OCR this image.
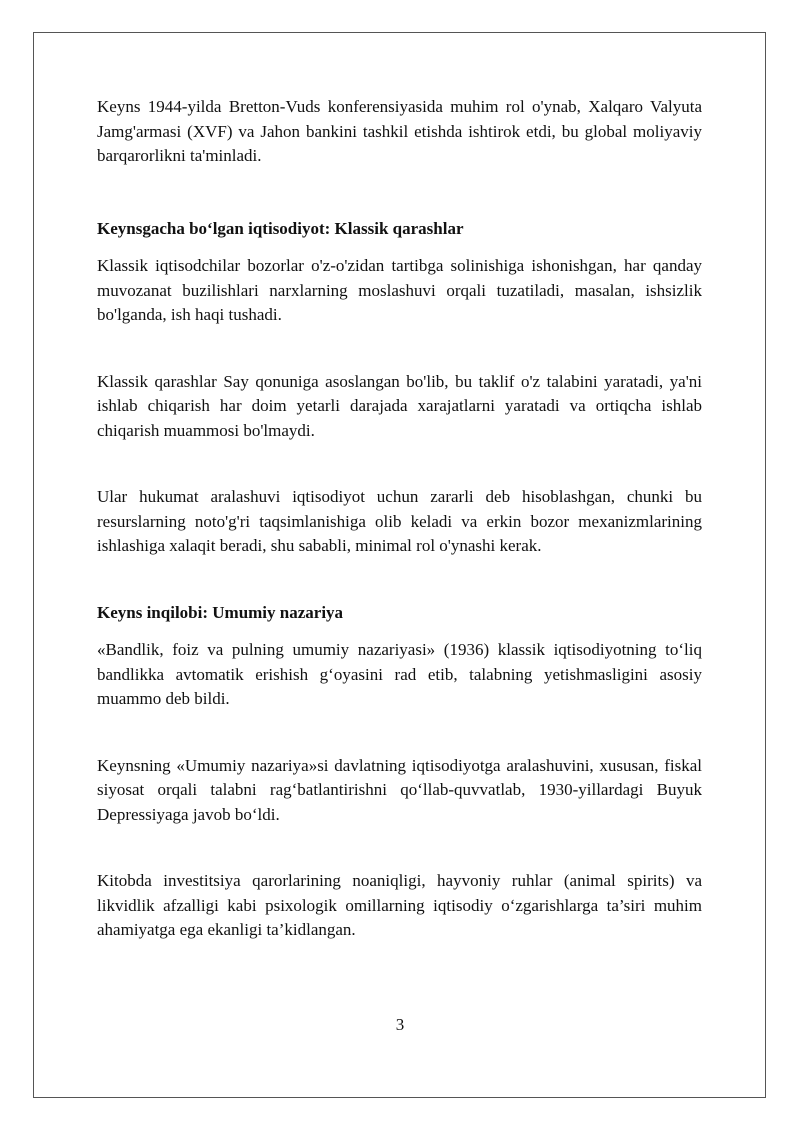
Keyns 1944-yilda Bretton-Vuds konferensiyasida muhim rol o'ynab, Xalqaro Valyuta Jamg'armasi (XVF) va Jahon bankini tashkil etishda ishtirok etdi, bu global moliyaviy barqarorlikni ta'minladi.

Keynsgacha boʻlgan iqtisodiyot: Klassik qarashlar

Klassik iqtisodchilar bozorlar o'z-o'zidan tartibga solinishiga ishonishgan, har qanday muvozanat buzilishlari narxlarning moslashuvi orqali tuzatiladi, masalan, ishsizlik bo'lganda, ish haqi tushadi.

Klassik qarashlar Say qonuniga asoslangan bo'lib, bu taklif o'z talabini yaratadi, ya'ni ishlab chiqarish har doim yetarli darajada xarajatlarni yaratadi va ortiqcha ishlab chiqarish muammosi bo'lmaydi.

Ular hukumat aralashuvi iqtisodiyot uchun zararli deb hisoblashgan, chunki bu resurslarning noto'g'ri taqsimlanishiga olib keladi va erkin bozor mexanizmlarining ishlashiga xalaqit beradi, shu sababli, minimal rol o'ynashi kerak.

Keyns inqilobi: Umumiy nazariya

«Bandlik, foiz va pulning umumiy nazariyasi» (1936) klassik iqtisodiyotning to‘liq bandlikka avtomatik erishish g‘oyasini rad etib, talabning yetishmasligini asosiy muammo deb bildi.

Keynsning «Umumiy nazariya»si davlatning iqtisodiyotga aralashuvini, xususan, fiskal siyosat orqali talabni rag‘batlantirishni qo‘llab-quvvatlab, 1930-yillardagi Buyuk Depressiyaga javob bo‘ldi.

Kitobda investitsiya qarorlarining noaniqligi, hayvoniy ruhlar (animal spirits) va likvidlik afzalligi kabi psixologik omillarning iqtisodiy o‘zgarishlarga ta’siri muhim ahamiyatga ega ekanligi ta’kidlangan.

3
